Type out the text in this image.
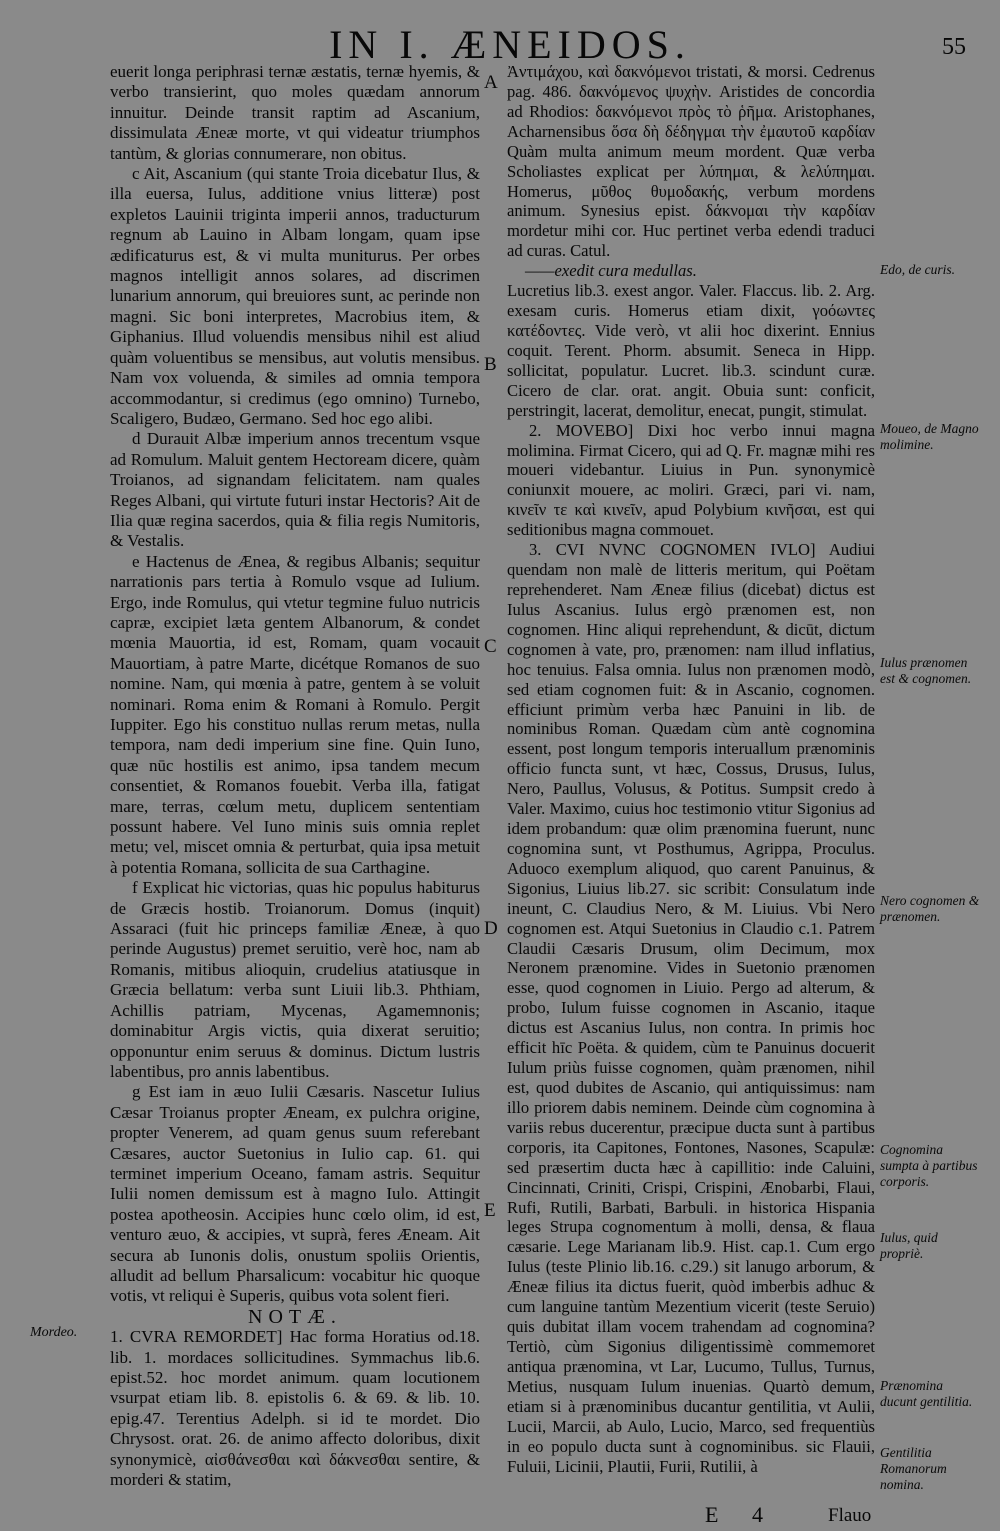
IN I. ÆNEIDOS.	55

euerit longa periphrasi ternæ æstatis, ternæ hyemis, & verbo transierint, quo moles quædam annorum innuitur. Deinde transit raptim ad Ascanium, dissimulata Æneæ morte, vt qui videatur triumphos tantùm, & glorias connumerare, non obitus.

c Ait, Ascanium (qui stante Troia dicebatur Ilus, & illa euersa, Iulus, additione vnius litteræ) post expletos Lauinii triginta imperii annos, traducturum regnum ab Lauino in Albam longam, quam ipse ædificaturus est, & vi multa muniturus. Per orbes magnos intelligit annos solares, ad discrimen lunarium annorum, qui breuiores sunt, ac perinde non magni. Sic boni interpretes, Macrobius item, & Giphanius. Illud voluendis mensibus nihil est aliud quàm voluentibus se mensibus, aut volutis mensibus. Nam vox voluenda, & similes ad omnia tempora accommodantur, si credimus (ego omnino) Turnebo, Scaligero, Budæo, Germano. Sed hoc ego alibi.

d Durauit Albæ imperium annos trecentum vsque ad Romulum. Maluit gentem Hectoream dicere, quàm Troianos, ad signandam felicitatem. nam quales Reges Albani, qui virtute futuri instar Hectoris? Ait de Ilia quæ regina sacerdos, quia & filia regis Numitoris, & Vestalis.

e Hactenus de Ænea, & regibus Albanis; sequitur narrationis pars tertia à Romulo vsque ad Iulium. Ergo, inde Romulus, qui vtetur tegmine fuluo nutricis capræ, excipiet læta gentem Albanorum, & condet mœnia Mauortia, id est, Romam, quam vocauit Mauortiam, à patre Marte, dicétque Romanos de suo nomine. Nam, qui mœnia à patre, gentem à se voluit nominari. Roma enim & Romani à Romulo. Pergit Iuppiter. Ego his constituo nullas rerum metas, nulla tempora, nam dedi imperium sine fine. Quin Iuno, quæ nūc hostilis est animo, ipsa tandem mecum consentiet, & Romanos fouebit. Verba illa, fatigat mare, terras, cœlum metu, duplicem sententiam possunt habere. Vel Iuno minis suis omnia replet metu; vel, miscet omnia & perturbat, quia ipsa metuit à potentia Romana, sollicita de sua Carthagine.

f Explicat hic victorias, quas hic populus habiturus de Græcis hostib. Troianorum. Domus (inquit) Assaraci (fuit hic princeps familiæ Æneæ, à quo perinde Augustus) premet seruitio, verè hoc, nam ab Romanis, mitibus alioquin, crudelius atatiusque in Græcia bellatum: verba sunt Liuii lib.3. Phthiam, Achillis patriam, Mycenas, Agamemnonis; dominabitur Argis victis, quia dixerat seruitio; opponuntur enim seruus & dominus. Dictum lustris labentibus, pro annis labentibus.

g Est iam in æuo Iulii Cæsaris. Nascetur Iulius Cæsar Troianus propter Æneam, ex pulchra origine, propter Venerem, ad quam genus suum referebant Cæsares, auctor Suetonius in Iulio cap. 61. qui terminet imperium Oceano, famam astris. Sequitur Iulii nomen demissum est à magno Iulo. Attingit postea apotheosin. Accipies hunc cœlo olim, id est, venturo æuo, & accipies, vt suprà, feres Æneam. Ait secura ab Iunonis dolis, onustum spoliis Orientis, alludit ad bellum Pharsalicum: vocabitur hic quoque votis, vt reliqui è Superis, quibus vota solent fieri.

NOTÆ.

1. CVRA REMORDET] Hac forma Horatius od.18. lib. 1. mordaces sollicitudines. Symmachus lib.6. epist.52. hoc mordet animum. quam locutionem vsurpat etiam lib. 8. epistolis 6. & 69. & lib. 10. epig.47. Terentius Adelph. si id te mordet. Dio Chrysost. orat. 26. de animo affecto doloribus, dixit synonymicè, αἰσθάνεσθαι καὶ δάκνεσθαι sentire, & morderi & statim,

Ἀντιμάχου, καὶ δακνόμενοι tristati, & morsi. Cedrenus pag. 486. δακνόμενος ψυχὴν. Aristides de concordia ad Rhodios: δακνόμενοι πρὸς τὸ ῥῆμα. Aristophanes, Acharnensibus ὅσα δὴ δέδηγμαι τὴν ἐμαυτοῦ καρδίαν Quàm multa animum meum mordent. Quæ verba Scholiastes explicat per λύπημαι, & λελύπημαι. Homerus, μῦθος θυμοδακής, verbum mordens animum. Synesius epist. δάκνομαι τὴν καρδίαν mordetur mihi cor. Huc pertinet verba edendi traduci ad curas. Catul.

——exedit cura medullas.

Lucretius lib.3. exest angor. Valer. Flaccus. lib. 2. Arg. exesam curis. Homerus etiam dixit, γοόωντες κατέδοντες. Vide verò, vt alii hoc dixerint. Ennius coquit. Terent. Phorm. absumit. Seneca in Hipp. sollicitat, populatur. Lucret. lib.3. scindunt curæ. Cicero de clar. orat. angit. Obuia sunt: conficit, perstringit, lacerat, demolitur, enecat, pungit, stimulat.

2. MOVEBO] Dixi hoc verbo innui magna molimina. Firmat Cicero, qui ad Q. Fr. magnæ mihi res moueri videbantur. Liuius in Pun. synonymicè coniunxit mouere, ac moliri. Græci, pari vi. nam, κινεῖν τε καὶ κινεῖν, apud Polybium κινῆσαι, est qui seditionibus magna commouet.

3. CVI NVNC COGNOMEN IVLO] Audiui quendam non malè de litteris meritum, qui Poëtam reprehenderet. Nam Æneæ filius (dicebat) dictus est Iulus Ascanius. Iulus ergò prænomen est, non cognomen. Hinc aliqui reprehendunt, & dicūt, dictum cognomen à vate, pro, prænomen: nam illud inflatius, hoc tenuius. Falsa omnia. Iulus non prænomen modò, sed etiam cognomen fuit: & in Ascanio, cognomen. efficiunt primùm verba hæc Panuini in lib. de nominibus Roman. Quædam cùm antè cognomina essent, post longum temporis interuallum prænominis officio functa sunt, vt hæc, Cossus, Drusus, Iulus, Nero, Paullus, Volusus, & Potitus. Sumpsit credo à Valer. Maximo, cuius hoc testimonio vtitur Sigonius ad idem probandum: quæ olim prænomina fuerunt, nunc cognomina sunt, vt Posthumus, Agrippa, Proculus. Aduoco exemplum aliquod, quo carent Panuinus, & Sigonius, Liuius lib.27. sic scribit: Consulatum inde ineunt, C. Claudius Nero, & M. Liuius. Vbi Nero cognomen est. Atqui Suetonius in Claudio c.1. Patrem Claudii Cæsaris Drusum, olim Decimum, mox Neronem prænomine. Vides in Suetonio prænomen esse, quod cognomen in Liuio. Pergo ad alterum, & probo, Iulum fuisse cognomen in Ascanio, itaque dictus est Ascanius Iulus, non contra. In primis hoc efficit hīc Poëta. & quidem, cùm te Panuinus docuerit Iulum priùs fuisse cognomen, quàm prænomen, nihil est, quod dubites de Ascanio, qui antiquissimus: nam illo priorem dabis neminem. Deinde cùm cognomina à variis rebus ducerentur, præcipue ducta sunt à partibus corporis, ita Capitones, Fontones, Nasones, Scapulæ: sed præsertim ducta hæc à capillitio: inde Caluini, Cincinnati, Criniti, Crispi, Crispini, Ænobarbi, Flaui, Rufi, Rutili, Barbati, Barbuli. in historica Hispania leges Strupa cognomentum à molli, densa, & flaua cæsarie. Lege Marianam lib.9. Hist. cap.1. Cum ergo Iulus (teste Plinio lib.16. c.29.) sit lanugo arborum, & Æneæ filius ita dictus fuerit, quòd imberbis adhuc & cum languine tantùm Mezentium vicerit (teste Seruio) quis dubitat illam vocem trahendam ad cognomina? Tertiò, cùm Sigonius diligentissimè commemoret antiqua prænomina, vt Lar, Lucumo, Tullus, Turnus, Metius, nusquam Iulum inuenias. Quartò demum, etiam si à prænominibus ducantur gentilitia, vt Aulii, Lucii, Marcii, ab Aulo, Lucio, Marco, sed frequentiùs in eo populo ducta sunt à cognominibus. sic Flauii, Fuluii, Licinii, Plautii, Furii, Rutilii, à

A
B
C
D
E
Mordeo.
Edo, de curis.
Moueo, de Magno molimine.
Iulus prænomen est & cognomen.
Nero cognomen & prænomen.
Cognomina sumpta à partibus corporis.
Iulus, quid propriè.
Prænomina ducunt gentilitia.
Gentilitia Romanorum nomina.
E 4	Flauo
